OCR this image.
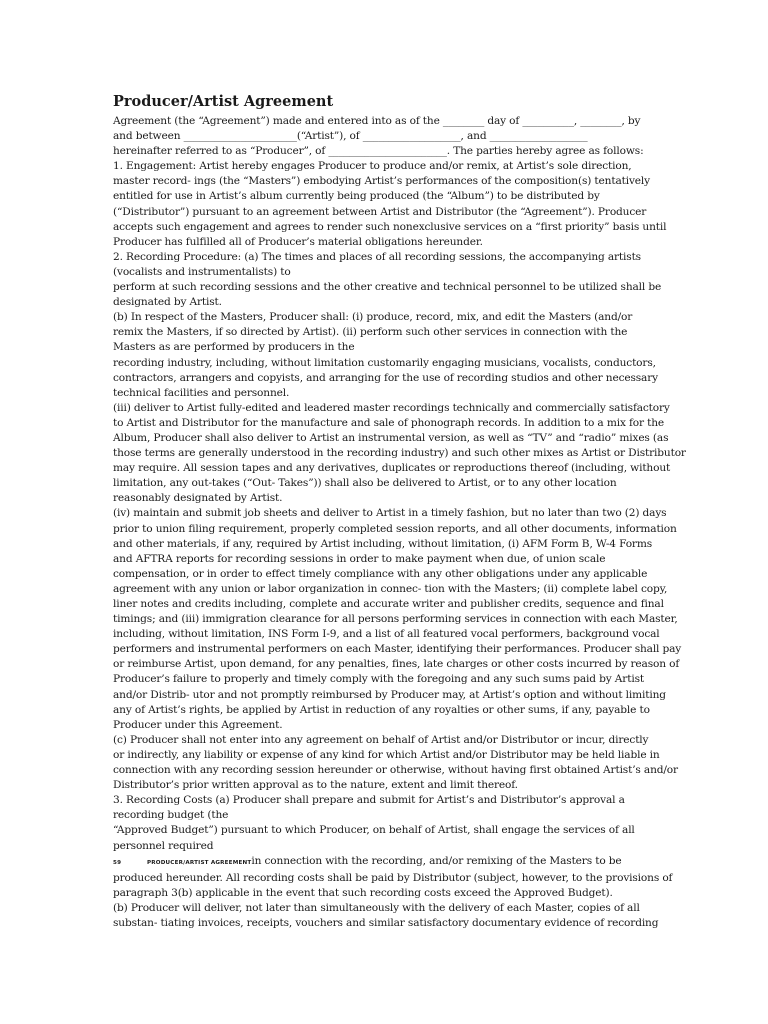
Producer/Artist Agreement
Agreement (the “Agreement”) made and entered into as of the ________ day of __________, ________, by
and between ______________________(“Artist”), of ___________________, and ___________________
hereinafter referred to as “Producer”, of _______________________. The parties hereby agree as follows:
1. Engagement: Artist hereby engages Producer to produce and/or remix, at Artist’s sole direction,
master record- ings (the “Masters”) embodying Artist’s performances of the composition(s) tentatively
entitled for use in Artist’s album currently being produced (the “Album”) to be distributed by
(“Distributor”) pursuant to an agreement between Artist and Distributor (the “Agreement”). Producer
accepts such engagement and agrees to render such nonexclusive services on a “first priority” basis until
Producer has fulfilled all of Producer’s material obligations hereunder.
2. Recording Procedure: (a) The times and places of all recording sessions, the accompanying artists
(vocalists and instrumentalists) to
perform at such recording sessions and the other creative and technical personnel to be utilized shall be
designated by Artist.
(b) In respect of the Masters, Producer shall: (i) produce, record, mix, and edit the Masters (and/or
remix the Masters, if so directed by Artist). (ii) perform such other services in connection with the
Masters as are performed by producers in the
recording industry, including, without limitation customarily engaging musicians, vocalists, conductors,
contractors, arrangers and copyists, and arranging for the use of recording studios and other necessary
technical facilities and personnel.
(iii) deliver to Artist fully-edited and leadered master recordings technically and commercially satisfactory
to Artist and Distributor for the manufacture and sale of phonograph records. In addition to a mix for the
Album, Producer shall also deliver to Artist an instrumental version, as well as “TV” and “radio” mixes (as
those terms are generally understood in the recording industry) and such other mixes as Artist or Distributor
may require. All session tapes and any derivatives, duplicates or reproductions thereof (including, without
limitation, any out-takes (“Out- Takes”)) shall also be delivered to Artist, or to any other location
reasonably designated by Artist.
(iv) maintain and submit job sheets and deliver to Artist in a timely fashion, but no later than two (2) days
prior to union filing requirement, properly completed session reports, and all other documents, information
and other materials, if any, required by Artist including, without limitation, (i) AFM Form B, W-4 Forms
and AFTRA reports for recording sessions in order to make payment when due, of union scale
compensation, or in order to effect timely compliance with any other obligations under any applicable
agreement with any union or labor organization in connec- tion with the Masters; (ii) complete label copy,
liner notes and credits including, complete and accurate writer and publisher credits, sequence and final
timings; and (iii) immigration clearance for all persons performing services in connection with each Master,
including, without limitation, INS Form I-9, and a list of all featured vocal performers, background vocal
performers and instrumental performers on each Master, identifying their performances. Producer shall pay
or reimburse Artist, upon demand, for any penalties, fines, late charges or other costs incurred by reason of
Producer’s failure to properly and timely comply with the foregoing and any such sums paid by Artist
and/or Distrib- utor and not promptly reimbursed by Producer may, at Artist’s option and without limiting
any of Artist’s rights, be applied by Artist in reduction of any royalties or other sums, if any, payable to
Producer under this Agreement.
(c) Producer shall not enter into any agreement on behalf of Artist and/or Distributor or incur, directly
or indirectly, any liability or expense of any kind for which Artist and/or Distributor may be held liable in
connection with any recording session hereunder or otherwise, without having first obtained Artist’s and/or
Distributor’s prior written approval as to the nature, extent and limit thereof.
3. Recording Costs (a) Producer shall prepare and submit for Artist’s and Distributor’s approval a
recording budget (the
“Approved Budget”) pursuant to which Producer, on behalf of Artist, shall engage the services of all
personnel required
59	PRODUCER/ARTIST AGREEMENTin connection with the recording, and/or remixing of the Masters to be
produced hereunder. All recording costs shall be paid by Distributor (subject, however, to the provisions of
paragraph 3(b) applicable in the event that such recording costs exceed the Approved Budget).
(b) Producer will deliver, not later than simultaneously with the delivery of each Master, copies of all
substan- tiating invoices, receipts, vouchers and similar satisfactory documentary evidence of recording
